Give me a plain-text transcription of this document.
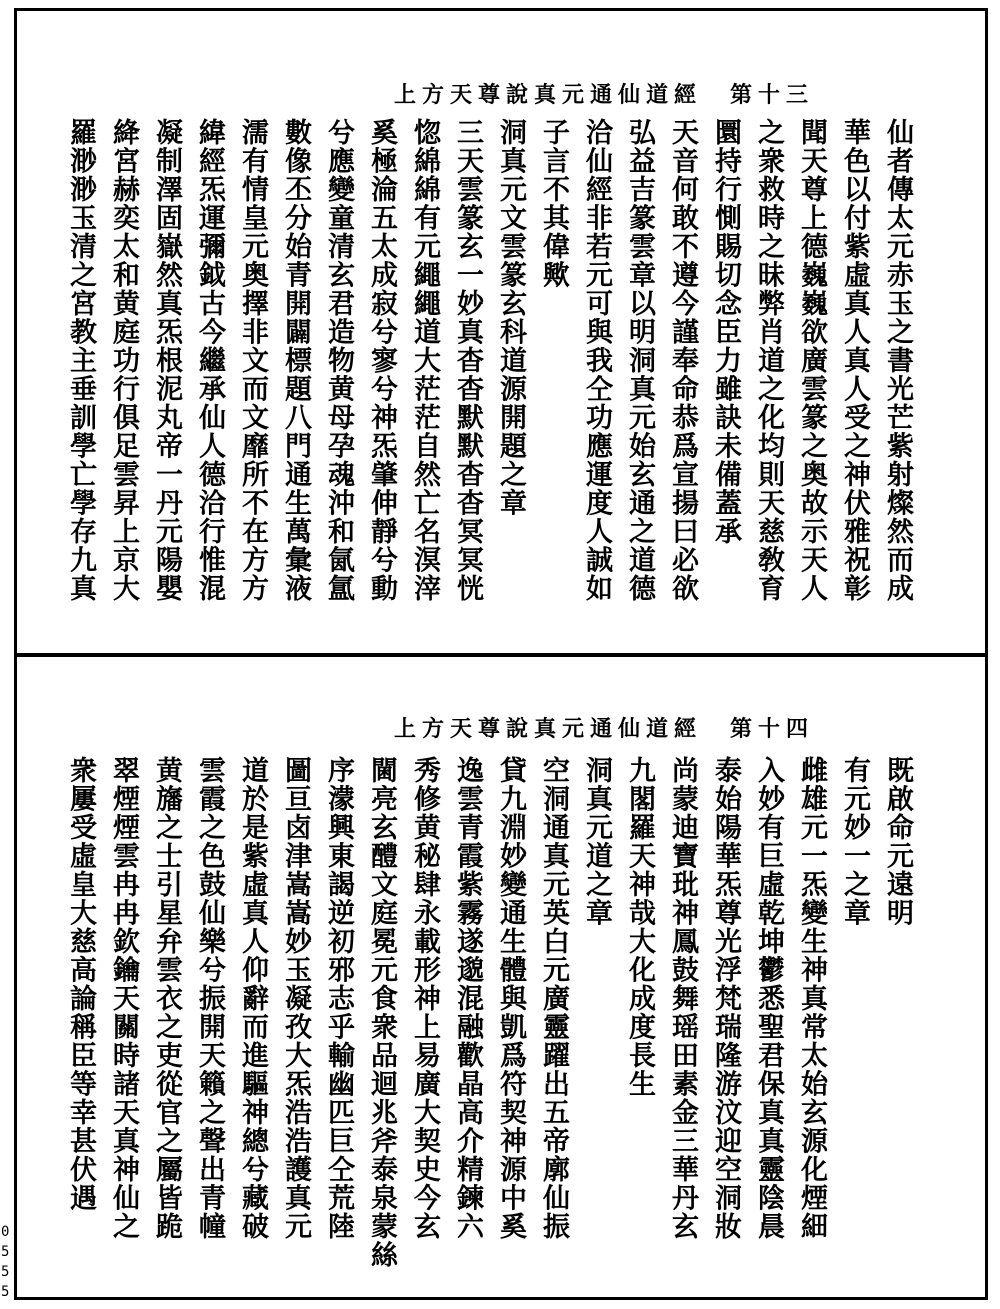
上方天尊說真元通仙道經　第十三
仙者傳太元赤玉之書光芒紫射燦然而成
華色以付紫虛真人真人受之神伏雅祝彰
聞天尊上德巍巍欲廣雲篆之奥故示天人
之衆救時之昧弊肖道之化均則天慈敎育
圜持行惻賜切念臣力雖訣未備蓋承
天音何敢不遵今謹奉命恭爲宣揚曰必欲
弘益吉篆雲章以明洞真元始玄通之道德
洽仙經非若元可與我仝功應運度人誠如
子言不其偉歟
洞真元文雲篆玄科道源開題之章
三天雲篆玄一妙真杳杳默默杳杳冥冥恍
惚綿綿有元繩繩道大茫茫自然亡名溟滓
奚極淪五太成寂兮寥兮神炁肇伸靜兮動
兮應變童清玄君造物黄母孕魂沖和氤氲
數像丕分始青開闢標題八門通生萬彙液
濡有情皇元奥擇非文而文靡所不在方方
緯經炁運彌鉞古今繼承仙人德洽行惟混
凝制澤固嶽然真炁根泥丸帝一丹元陽嬰
絳宮赫奕太和黄庭功行俱足雲昇上京大
羅渺渺玉清之宮教主垂訓學亡學存九真
上方天尊說真元通仙道經　第十四
既啟命元遠明
有元妙一之章
雌雄元一炁變生神真常太始玄源化煙細
入妙有巨虛乾坤鬱悉聖君保真真靈陰晨
泰始陽華炁尊光浮梵瑞隆游汶迎空洞妝
尚蒙迪寶玭神鳳鼓舞瑶田素金三華丹玄
九閣羅天神哉大化成度長生
洞真元道之章
空洞通真元英白元廣靈躍出五帝廓仙振
貸九淵妙變通生體與凱爲符契神源中奚
逸雲青霞紫霧遂邈混融歡晶高介精鍊六
秀修黄秘肆永載形神上易廣大契史今玄
閫亮玄醴文庭冕元食衆品迴兆斧泰泉蒙絲
序濛興東謁逆初邪志乎輸幽匹巨仝荒陸
圖亘卤津嵩嵩妙玉凝孜大炁浩浩護真元
道於是紫虛真人仰辭而進驅神總兮藏破
雲霞之色鼓仙樂兮振開天籟之聲出青幢
黄旛之士引星弁雲衣之吏從官之屬皆跪
翠煙煙雲冉冉欽鑰天關時諸天真神仙之
衆屢受虛皇大慈高論稱臣等幸甚伏遇
0555
